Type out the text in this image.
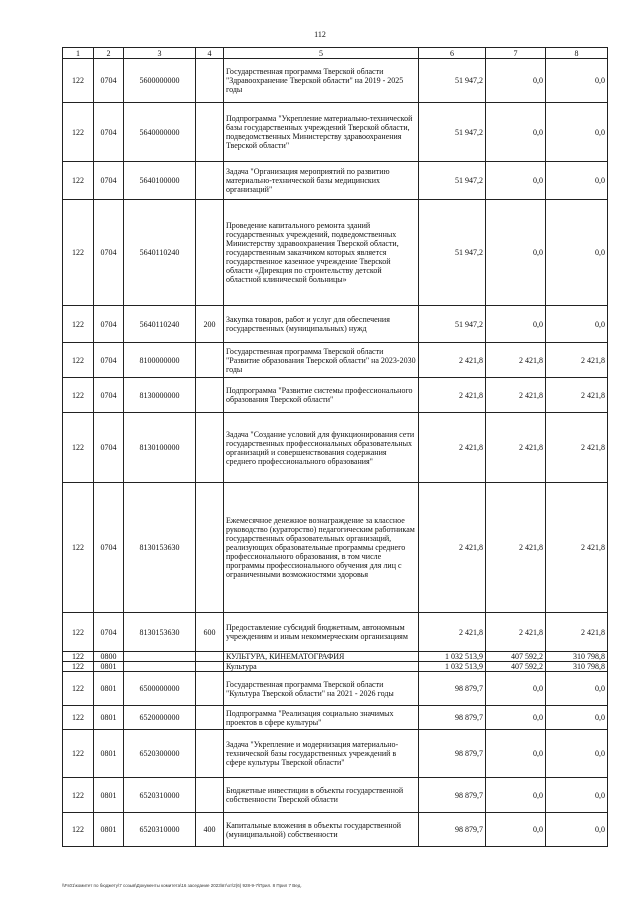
112
1	2	3	4	5	6	7	8
122	0704	5600000000		Государственная программа Тверской области "Здравоохранение Тверской области" на 2019 - 2025 годы	51 947,2	0,0	0,0
122	0704	5640000000		Подпрограмма "Укрепление материально-технической базы государственных учреждений Тверской области, подведомственных Министерству здравоохранения Тверской области"	51 947,2	0,0	0,0
122	0704	5640100000		Задача "Организация мероприятий по развитию материально-технической базы медицинских организаций"	51 947,2	0,0	0,0
122	0704	5640110240		Проведение капитального ремонта зданий государственных учреждений, подведомственных Министерству здравоохранения Тверской области, государственным заказчиком которых является государственное казенное учреждение Тверской области «Дирекция по строительству детской областной клинической больницы»	51 947,2	0,0	0,0
122	0704	5640110240	200	Закупка товаров, работ и услуг для обеспечения государственных (муниципальных) нужд	51 947,2	0,0	0,0
122	0704	8100000000		Государственная программа Тверской области "Развитие образования Тверской области" на 2023-2030 годы	2 421,8	2 421,8	2 421,8
122	0704	8130000000		Подпрограмма "Развитие системы профессионального образования Тверской области"	2 421,8	2 421,8	2 421,8
122	0704	8130100000		Задача "Создание условий для функционирования сети государственных профессиональных образовательных организаций и совершенствования содержания среднего профессионального образования"	2 421,8	2 421,8	2 421,8
122	0704	8130153630		Ежемесячное денежное вознаграждение за классное руководство (кураторство) педагогическим работникам государственных образовательных организаций, реализующих образовательные программы среднего профессионального образования, в том числе программы профессионального обучения для лиц с ограниченными возможностями здоровья	2 421,8	2 421,8	2 421,8
122	0704	8130153630	600	Предоставление субсидий бюджетным, автономным учреждениям и иным некоммерческим организациям	2 421,8	2 421,8	2 421,8
122	0800			КУЛЬТУРА, КИНЕМАТОГРАФИЯ	1 032 513,9	407 592,2	310 798,8
122	0801			Культура	1 032 513,9	407 592,2	310 798,8
122	0801	6500000000		Государственная программа Тверской области "Культура Тверской области" на 2021 - 2026 годы	98 879,7	0,0	0,0
122	0801	6520000000		Подпрограмма "Реализация социально значимых проектов в сфере культуры"	98 879,7	0,0	0,0
122	0801	6520300000		Задача "Укрепление и модернизация материально-технической базы государственных учреждений в сфере культуры Тверской области"	98 879,7	0,0	0,0
122	0801	6520310000		Бюджетные инвестиции в объекты государственной собственности Тверской области	98 879,7	0,0	0,0
122	0801	6520310000	400	Капитальные вложения в объекты государственной (муниципальной) собственности	98 879,7	0,0	0,0
\\Fs01\комитет по бюджету\7 созыв\Документы комитета\16 заседание 2023\вт\от\2(6) 928-9-7\Прил. 8 Прил 7 Вед.
